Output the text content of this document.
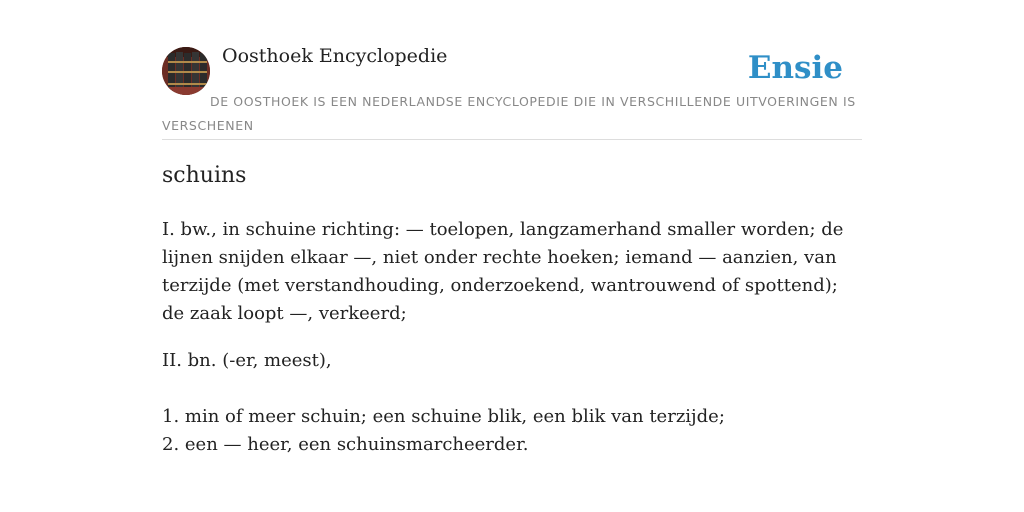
Oosthoek Encyclopedie	Ensie
DE OOSTHOEK IS EEN NEDERLANDSE ENCYCLOPEDIE DIE IN VERSCHILLENDE UITVOERINGEN IS VERSCHENEN
schuins

I. bw., in schuine richting: — toelopen, langzamerhand smaller worden; de lijnen snijden elkaar —, niet onder rechte hoeken; iemand — aanzien, van terzijde (met verstandhouding, onderzoekend, wantrouwend of spottend); de zaak loopt —, verkeerd;

II. bn. (-er, meest),

1. min of meer schuin; een schuine blik, een blik van terzijde;
2. een — heer, een schuinsmarcheerder.
